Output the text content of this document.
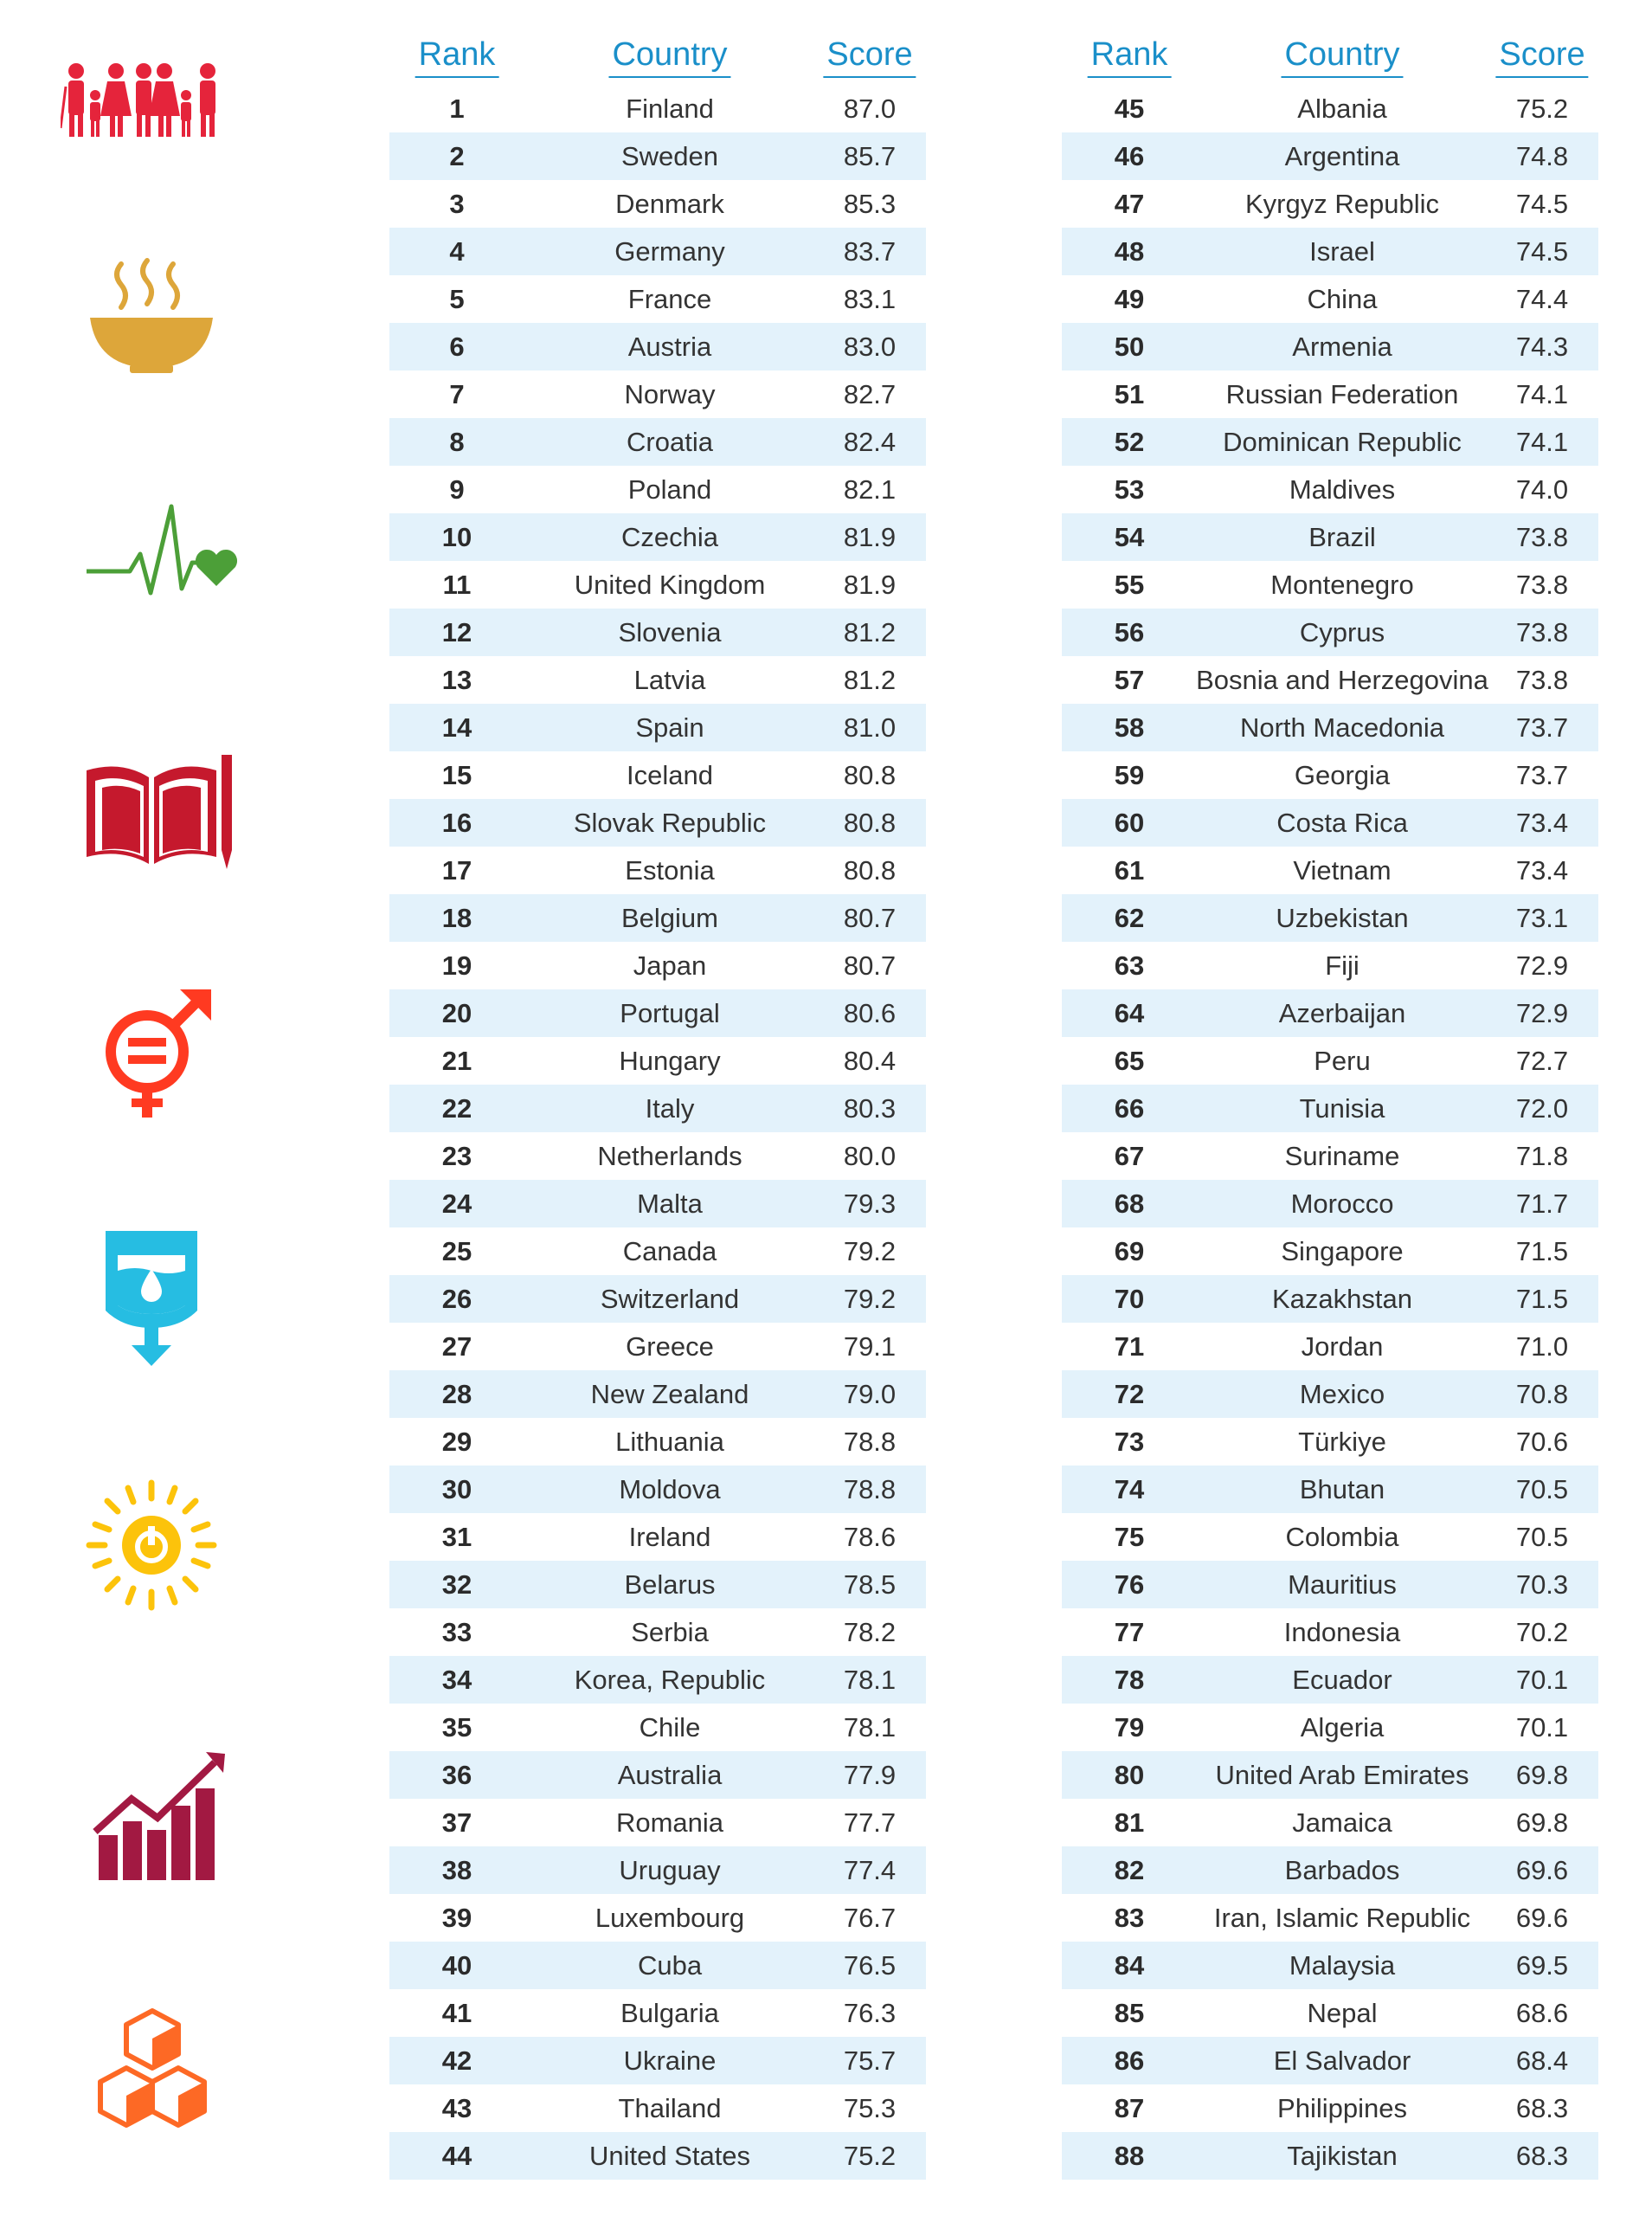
Rank	Country	Score
1	Finland	87.0
2	Sweden	85.7
3	Denmark	85.3
4	Germany	83.7
5	France	83.1
6	Austria	83.0
7	Norway	82.7
8	Croatia	82.4
9	Poland	82.1
10	Czechia	81.9
11	United Kingdom	81.9
12	Slovenia	81.2
13	Latvia	81.2
14	Spain	81.0
15	Iceland	80.8
16	Slovak Republic	80.8
17	Estonia	80.8
18	Belgium	80.7
19	Japan	80.7
20	Portugal	80.6
21	Hungary	80.4
22	Italy	80.3
23	Netherlands	80.0
24	Malta	79.3
25	Canada	79.2
26	Switzerland	79.2
27	Greece	79.1
28	New Zealand	79.0
29	Lithuania	78.8
30	Moldova	78.8
31	Ireland	78.6
32	Belarus	78.5
33	Serbia	78.2
34	Korea, Republic	78.1
35	Chile	78.1
36	Australia	77.9
37	Romania	77.7
38	Uruguay	77.4
39	Luxembourg	76.7
40	Cuba	76.5
41	Bulgaria	76.3
42	Ukraine	75.7
43	Thailand	75.3
44	United States	75.2
Rank	Country	Score
45	Albania	75.2
46	Argentina	74.8
47	Kyrgyz Republic	74.5
48	Israel	74.5
49	China	74.4
50	Armenia	74.3
51	Russian Federation 74.1
52	Dominican Republic 74.1
53	Maldives	74.0
54	Brazil	73.8
55	Montenegro	73.8
56	Cyprus	73.8
57 Bosnia and Herzegovina 73.8
58	North Macedonia	73.7
59	Georgia	73.7
60	Costa Rica	73.4
61	Vietnam	73.4
62	Uzbekistan	73.1
63	Fiji	72.9
64	Azerbaijan	72.9
65	Peru	72.7
66	Tunisia	72.0
67	Suriname	71.8
68	Morocco	71.7
69	Singapore	71.5
70	Kazakhstan	71.5
71	Jordan	71.0
72	Mexico	70.8
73	Türkiye	70.6
74	Bhutan	70.5
75	Colombia	70.5
76	Mauritius	70.3
77	Indonesia	70.2
78	Ecuador	70.1
79	Algeria	70.1
80	United Arab Emirates 69.8
81	Jamaica	69.8
82	Barbados	69.6
83	Iran, Islamic Republic 69.6
84	Malaysia	69.5
85	Nepal	68.6
86	El Salvador	68.4
87	Philippines	68.3
88	Tajikistan	68.3
